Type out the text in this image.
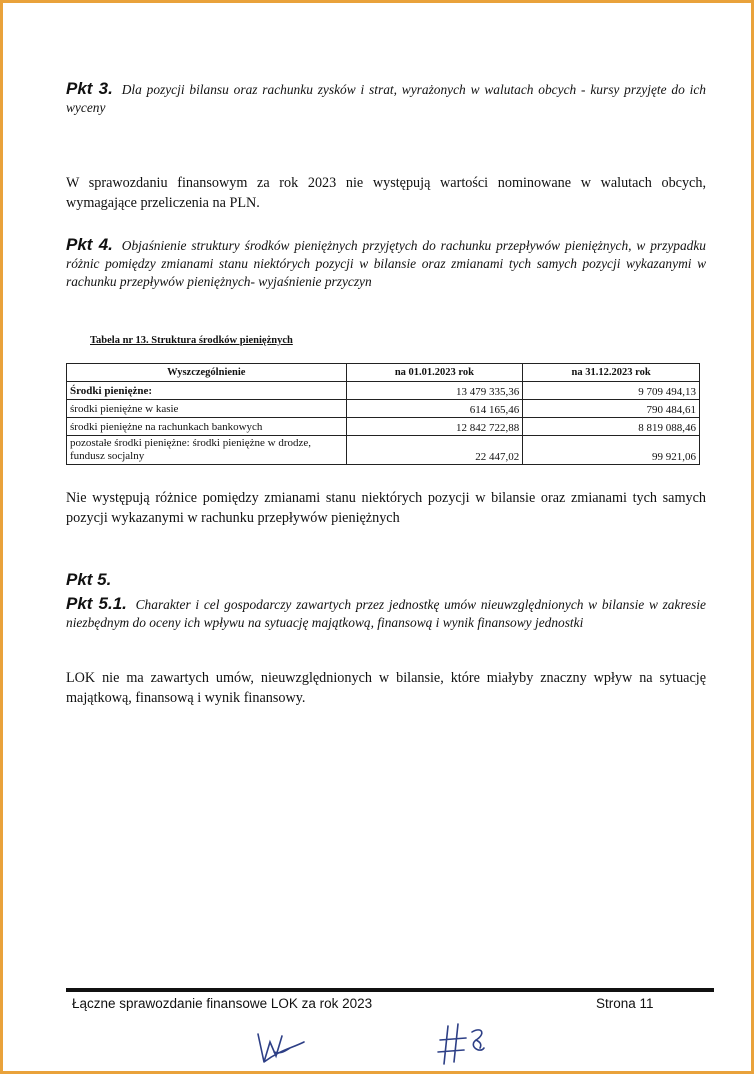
Pkt 3. Dla pozycji bilansu oraz rachunku zysków i strat, wyrażonych w walutach obcych - kursy przyjęte do ich wyceny
W sprawozdaniu finansowym za rok 2023 nie występują wartości nominowane w walutach obcych, wymagające przeliczenia na PLN.
Pkt 4. Objaśnienie struktury środków pieniężnych przyjętych do rachunku przepływów pieniężnych, w przypadku różnic pomiędzy zmianami stanu niektórych pozycji w bilansie oraz zmianami tych samych pozycji wykazanymi w rachunku przepływów pieniężnych- wyjaśnienie przyczyn
Tabela nr 13. Struktura środków pieniężnych
Wyszczególnienie	na 01.01.2023 rok	na 31.12.2023 rok
Środki pieniężne:	13 479 335,36	9 709 494,13
środki pieniężne w kasie	614 165,46	790 484,61
środki pieniężne na rachunkach bankowych	12 842 722,88	8 819 088,46
pozostałe środki pieniężne: środki pieniężne w drodze, fundusz socjalny	22 447,02	99 921,06
Nie występują różnice pomiędzy zmianami stanu niektórych pozycji w bilansie oraz zmianami tych samych pozycji wykazanymi w rachunku przepływów pieniężnych
Pkt 5.
Pkt 5.1. Charakter i cel gospodarczy zawartych przez jednostkę umów nieuwzględnionych w bilansie w zakresie niezbędnym do oceny ich wpływu na sytuację majątkową, finansową i wynik finansowy jednostki
LOK nie ma zawartych umów, nieuwzględnionych w bilansie, które miałyby znaczny wpływ na sytuację majątkową, finansową i wynik finansowy.
Łączne sprawozdanie finansowe LOK za rok 2023	Strona 11
